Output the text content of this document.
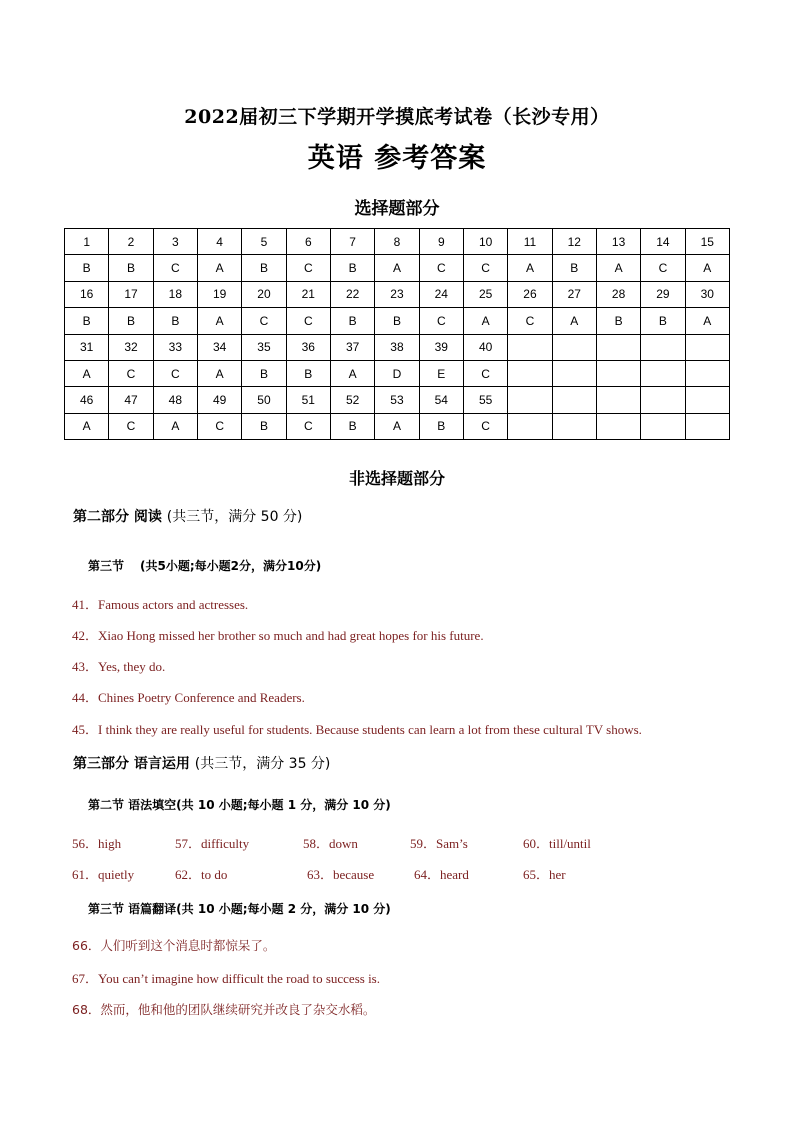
2022届初三下学期开学摸底考试卷（长沙专用）
英语 参考答案
选择题部分
1	2	3	4	5	6	7	8	9	10	11	12	13	14	15
B	B	C	A	B	C	B	A	C	C	A	B	A	C	A
16	17	18	19	20	21	22	23	24	25	26	27	28	29	30
B	B	B	A	C	C	B	B	C	A	C	A	B	B	A
31	32	33	34	35	36	37	38	39	40					
A	C	C	A	B	B	A	D	E	C					
46	47	48	49	50	51	52	53	54	55					
A	C	A	C	B	C	B	A	B	C					
非选择题部分
第二部分 阅读 (共三节，满分 50 分)
第三节 (共5小题;每小题2分，满分10分)
41．Famous actors and actresses.
42．Xiao Hong missed her brother so much and had great hopes for his future.
43．Yes, they do.
44．Chines Poetry Conference and Readers.
45．I think they are really useful for students. Because students can learn a lot from these cultural TV shows.
第三部分 语言运用 (共三节，满分 35 分)
第二节 语法填空(共 10 小题;每小题 1 分，满分 10 分)
56．high	57．difficulty	58．down	59．Sam’s	60．till/until
61．quietly	62．to do	63．because	64．heard	65．her
第三节 语篇翻译(共 10 小题;每小题 2 分，满分 10 分)
66．人们听到这个消息时都惊呆了。
67．You can’t imagine how difficult the road to success is.
68．然而，他和他的团队继续研究并改良了杂交水稻。
